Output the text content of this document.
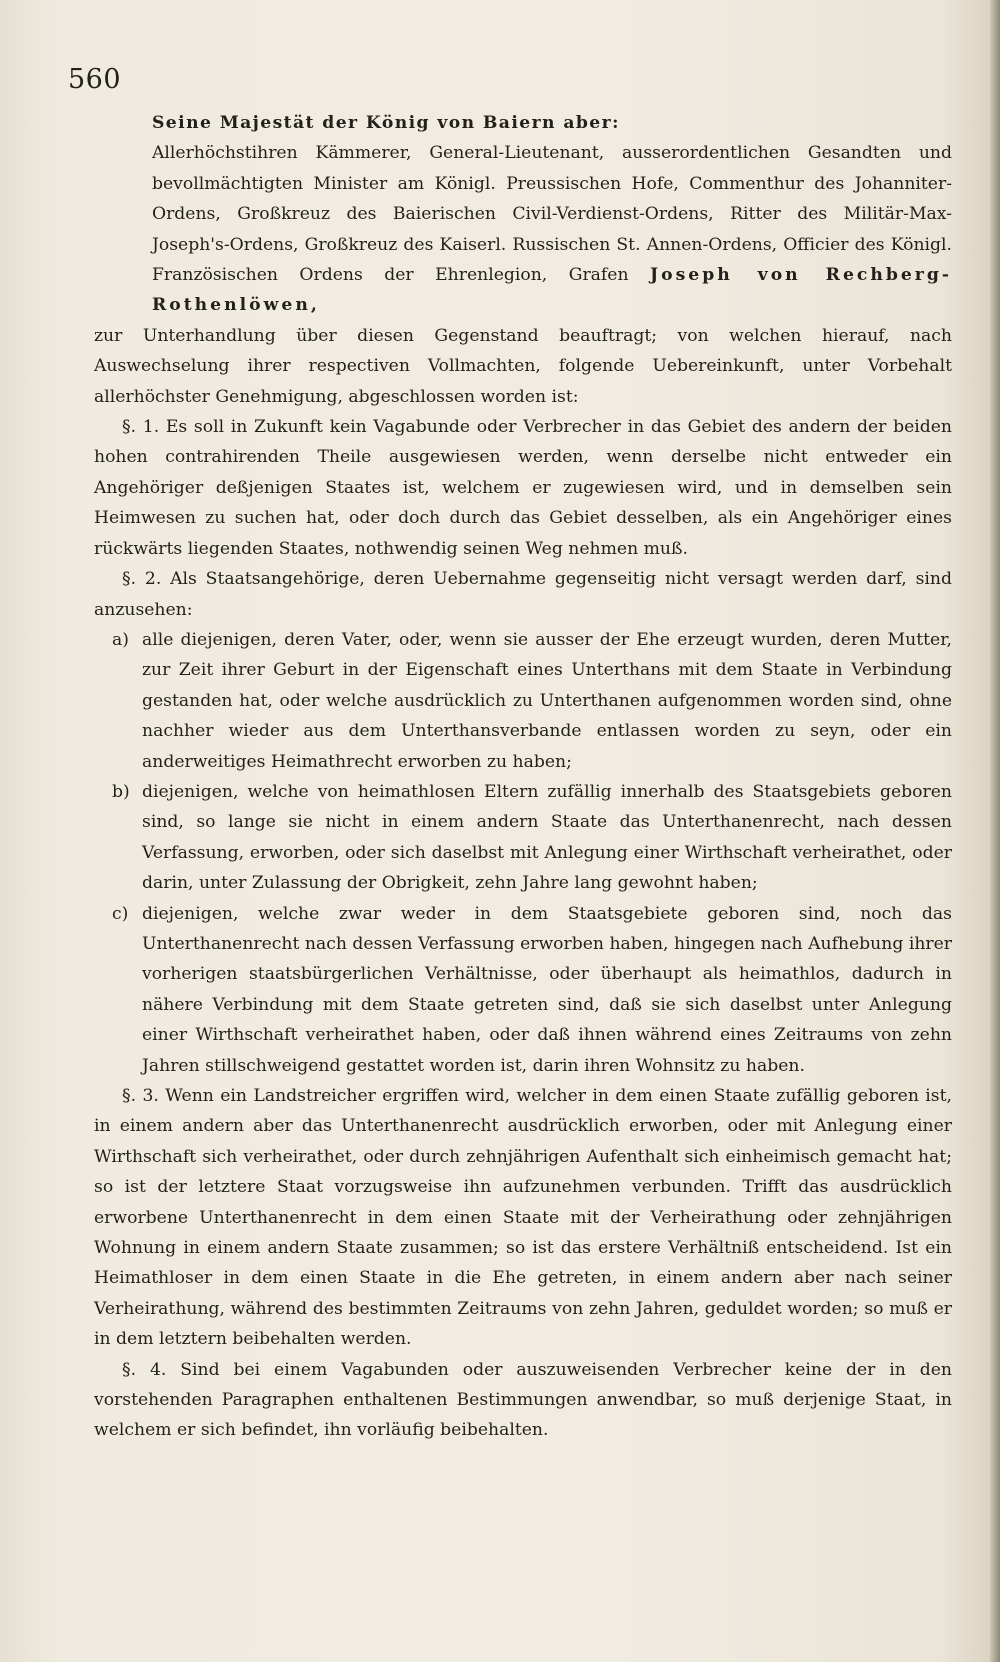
560

Seine Majestät der König von Baiern aber:

Allerhöchstihren Kämmerer, General-Lieutenant, ausserordentlichen Gesandten und bevollmächtigten Minister am Königl. Preussischen Hofe, Commenthur des Johanniter-Ordens, Großkreuz des Baierischen Civil-Verdienst-Ordens, Ritter des Militär-Max-Joseph's-Ordens, Großkreuz des Kaiserl. Russischen St. Annen-Ordens, Officier des Königl. Französischen Ordens der Ehrenlegion, Grafen Joseph von Rechberg-Rothenlöwen,

zur Unterhandlung über diesen Gegenstand beauftragt; von welchen hierauf, nach Auswechselung ihrer respectiven Vollmachten, folgende Uebereinkunft, unter Vorbehalt allerhöchster Genehmigung, abgeschlossen worden ist:

§. 1. Es soll in Zukunft kein Vagabunde oder Verbrecher in das Gebiet des andern der beiden hohen contrahirenden Theile ausgewiesen werden, wenn derselbe nicht entweder ein Angehöriger deßjenigen Staates ist, welchem er zugewiesen wird, und in demselben sein Heimwesen zu suchen hat, oder doch durch das Gebiet desselben, als ein Angehöriger eines rückwärts liegenden Staates, nothwendig seinen Weg nehmen muß.

§. 2. Als Staatsangehörige, deren Uebernahme gegenseitig nicht versagt werden darf, sind anzusehen:

a) alle diejenigen, deren Vater, oder, wenn sie ausser der Ehe erzeugt wurden, deren Mutter, zur Zeit ihrer Geburt in der Eigenschaft eines Unterthans mit dem Staate in Verbindung gestanden hat, oder welche ausdrücklich zu Unterthanen aufgenommen worden sind, ohne nachher wieder aus dem Unterthansverbande entlassen worden zu seyn, oder ein anderweitiges Heimathrecht erworben zu haben;

b) diejenigen, welche von heimathlosen Eltern zufällig innerhalb des Staatsgebiets geboren sind, so lange sie nicht in einem andern Staate das Unterthanenrecht, nach dessen Verfassung, erworben, oder sich daselbst mit Anlegung einer Wirthschaft verheirathet, oder darin, unter Zulassung der Obrigkeit, zehn Jahre lang gewohnt haben;

c) diejenigen, welche zwar weder in dem Staatsgebiete geboren sind, noch das Unterthanenrecht nach dessen Verfassung erworben haben, hingegen nach Aufhebung ihrer vorherigen staatsbürgerlichen Verhältnisse, oder überhaupt als heimathlos, dadurch in nähere Verbindung mit dem Staate getreten sind, daß sie sich daselbst unter Anlegung einer Wirthschaft verheirathet haben, oder daß ihnen während eines Zeitraums von zehn Jahren stillschweigend gestattet worden ist, darin ihren Wohnsitz zu haben.

§. 3. Wenn ein Landstreicher ergriffen wird, welcher in dem einen Staate zufällig geboren ist, in einem andern aber das Unterthanenrecht ausdrücklich erworben, oder mit Anlegung einer Wirthschaft sich verheirathet, oder durch zehnjährigen Aufenthalt sich einheimisch gemacht hat; so ist der letztere Staat vorzugsweise ihn aufzunehmen verbunden. Trifft das ausdrücklich erworbene Unterthanenrecht in dem einen Staate mit der Verheirathung oder zehnjährigen Wohnung in einem andern Staate zusammen; so ist das erstere Verhältniß entscheidend. Ist ein Heimathloser in dem einen Staate in die Ehe getreten, in einem andern aber nach seiner Verheirathung, während des bestimmten Zeitraums von zehn Jahren, geduldet worden; so muß er in dem letztern beibehalten werden.

§. 4. Sind bei einem Vagabunden oder auszuweisenden Verbrecher keine der in den vorstehenden Paragraphen enthaltenen Bestimmungen anwendbar, so muß derjenige Staat, in welchem er sich befindet, ihn vorläufig beibehalten.
